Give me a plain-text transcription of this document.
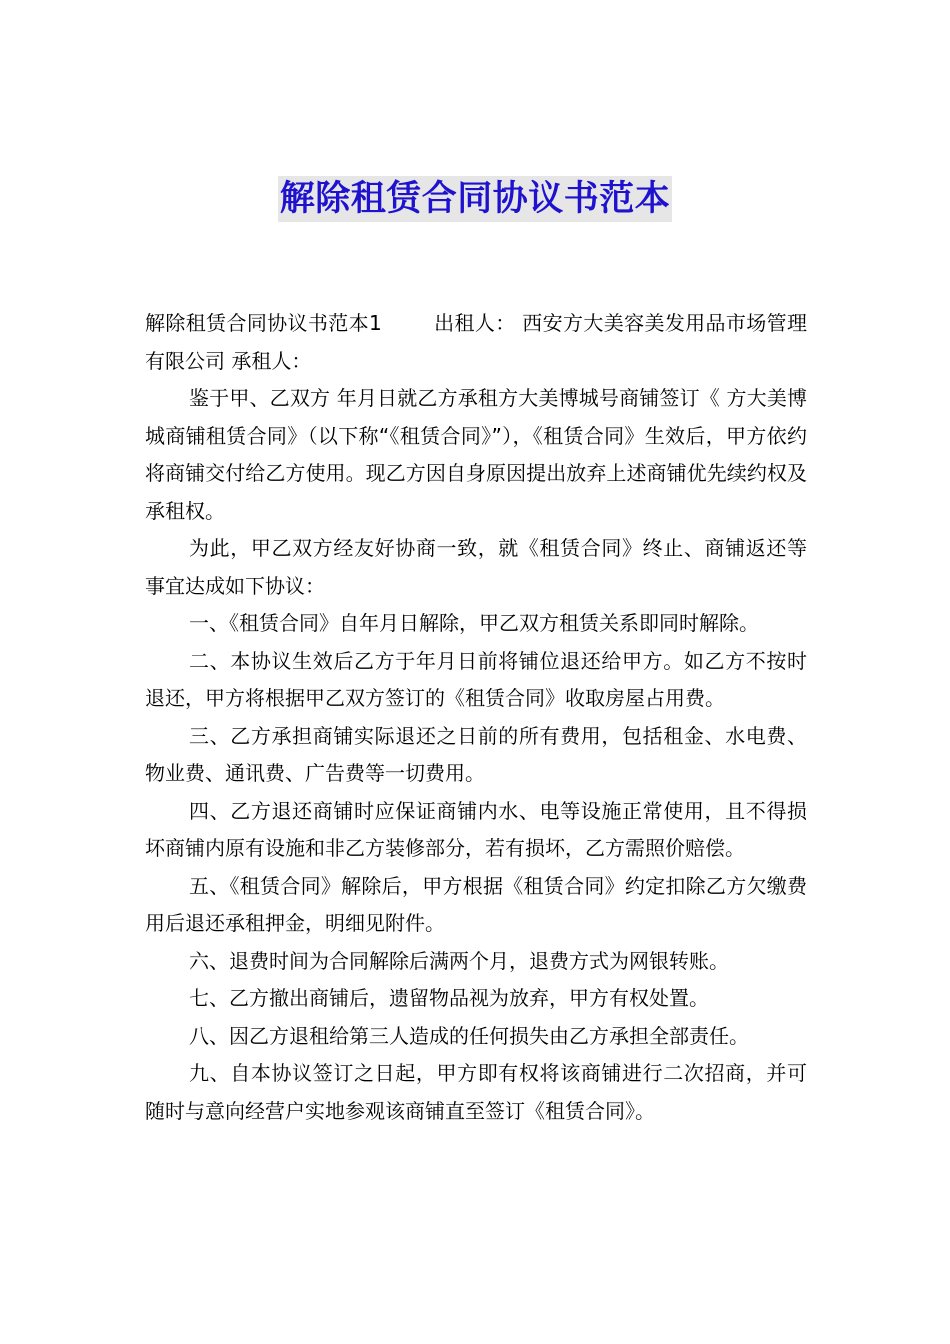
解除租赁合同协议书范本

解除租赁合同协议书范本1	出租人： 西安方大美容美发用品市场管理有限公司 承租人：

鉴于甲、乙双方 年月日就乙方承租方大美博城号商铺签订《 方大美博城商铺租赁合同》（以下称“《租赁合同》”），《租赁合同》生效后，甲方依约将商铺交付给乙方使用。现乙方因自身原因提出放弃上述商铺优先续约权及承租权。

为此，甲乙双方经友好协商一致，就《租赁合同》终止、商铺返还等事宜达成如下协议：

一、《租赁合同》自年月日解除，甲乙双方租赁关系即同时解除。

二、本协议生效后乙方于年月日前将铺位退还给甲方。如乙方不按时退还，甲方将根据甲乙双方签订的《租赁合同》收取房屋占用费。

三、乙方承担商铺实际退还之日前的所有费用，包括租金、水电费、物业费、通讯费、广告费等一切费用。

四、乙方退还商铺时应保证商铺内水、电等设施正常使用，且不得损坏商铺内原有设施和非乙方装修部分，若有损坏，乙方需照价赔偿。

五、《租赁合同》解除后，甲方根据《租赁合同》约定扣除乙方欠缴费用后退还承租押金，明细见附件。

六、退费时间为合同解除后满两个月，退费方式为网银转账。

七、乙方撤出商铺后，遗留物品视为放弃，甲方有权处置。

八、因乙方退租给第三人造成的任何损失由乙方承担全部责任。

九、自本协议签订之日起，甲方即有权将该商铺进行二次招商，并可随时与意向经营户实地参观该商铺直至签订《租赁合同》。
